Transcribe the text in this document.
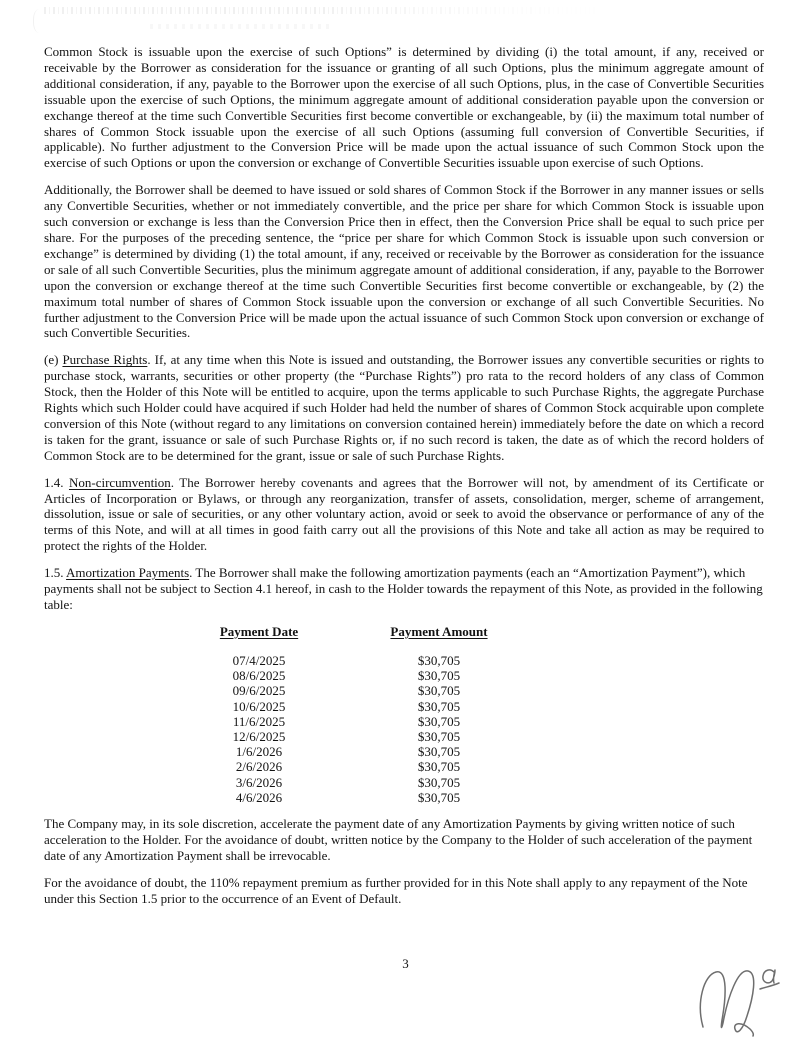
Common Stock is issuable upon the exercise of such Options” is determined by dividing (i) the total amount, if any, received or receivable by the Borrower as consideration for the issuance or granting of all such Options, plus the minimum aggregate amount of additional consideration, if any, payable to the Borrower upon the exercise of all such Options, plus, in the case of Convertible Securities issuable upon the exercise of such Options, the minimum aggregate amount of additional consideration payable upon the conversion or exchange thereof at the time such Convertible Securities first become convertible or exchangeable, by (ii) the maximum total number of shares of Common Stock issuable upon the exercise of all such Options (assuming full conversion of Convertible Securities, if applicable). No further adjustment to the Conversion Price will be made upon the actual issuance of such Common Stock upon the exercise of such Options or upon the conversion or exchange of Convertible Securities issuable upon exercise of such Options.

Additionally, the Borrower shall be deemed to have issued or sold shares of Common Stock if the Borrower in any manner issues or sells any Convertible Securities, whether or not immediately convertible, and the price per share for which Common Stock is issuable upon such conversion or exchange is less than the Conversion Price then in effect, then the Conversion Price shall be equal to such price per share. For the purposes of the preceding sentence, the “price per share for which Common Stock is issuable upon such conversion or exchange” is determined by dividing (1) the total amount, if any, received or receivable by the Borrower as consideration for the issuance or sale of all such Convertible Securities, plus the minimum aggregate amount of additional consideration, if any, payable to the Borrower upon the conversion or exchange thereof at the time such Convertible Securities first become convertible or exchangeable, by (2) the maximum total number of shares of Common Stock issuable upon the conversion or exchange of all such Convertible Securities. No further adjustment to the Conversion Price will be made upon the actual issuance of such Common Stock upon conversion or exchange of such Convertible Securities.

(e) Purchase Rights. If, at any time when this Note is issued and outstanding, the Borrower issues any convertible securities or rights to purchase stock, warrants, securities or other property (the “Purchase Rights”) pro rata to the record holders of any class of Common Stock, then the Holder of this Note will be entitled to acquire, upon the terms applicable to such Purchase Rights, the aggregate Purchase Rights which such Holder could have acquired if such Holder had held the number of shares of Common Stock acquirable upon complete conversion of this Note (without regard to any limitations on conversion contained herein) immediately before the date on which a record is taken for the grant, issuance or sale of such Purchase Rights or, if no such record is taken, the date as of which the record holders of Common Stock are to be determined for the grant, issue or sale of such Purchase Rights.

1.4. Non-circumvention. The Borrower hereby covenants and agrees that the Borrower will not, by amendment of its Certificate or Articles of Incorporation or Bylaws, or through any reorganization, transfer of assets, consolidation, merger, scheme of arrangement, dissolution, issue or sale of securities, or any other voluntary action, avoid or seek to avoid the observance or performance of any of the terms of this Note, and will at all times in good faith carry out all the provisions of this Note and take all action as may be required to protect the rights of the Holder.

1.5. Amortization Payments. The Borrower shall make the following amortization payments (each an “Amortization Payment”), which payments shall not be subject to Section 4.1 hereof, in cash to the Holder towards the repayment of this Note, as provided in the following table:

Payment Date	Payment Amount
07/4/2025	$30,705
08/6/2025	$30,705
09/6/2025	$30,705
10/6/2025	$30,705
11/6/2025	$30,705
12/6/2025	$30,705
1/6/2026	$30,705
2/6/2026	$30,705
3/6/2026	$30,705
4/6/2026	$30,705

The Company may, in its sole discretion, accelerate the payment date of any Amortization Payments by giving written notice of such acceleration to the Holder. For the avoidance of doubt, written notice by the Company to the Holder of such acceleration of the payment date of any Amortization Payment shall be irrevocable.

For the avoidance of doubt, the 110% repayment premium as further provided for in this Note shall apply to any repayment of the Note under this Section 1.5 prior to the occurrence of an Event of Default.

3
